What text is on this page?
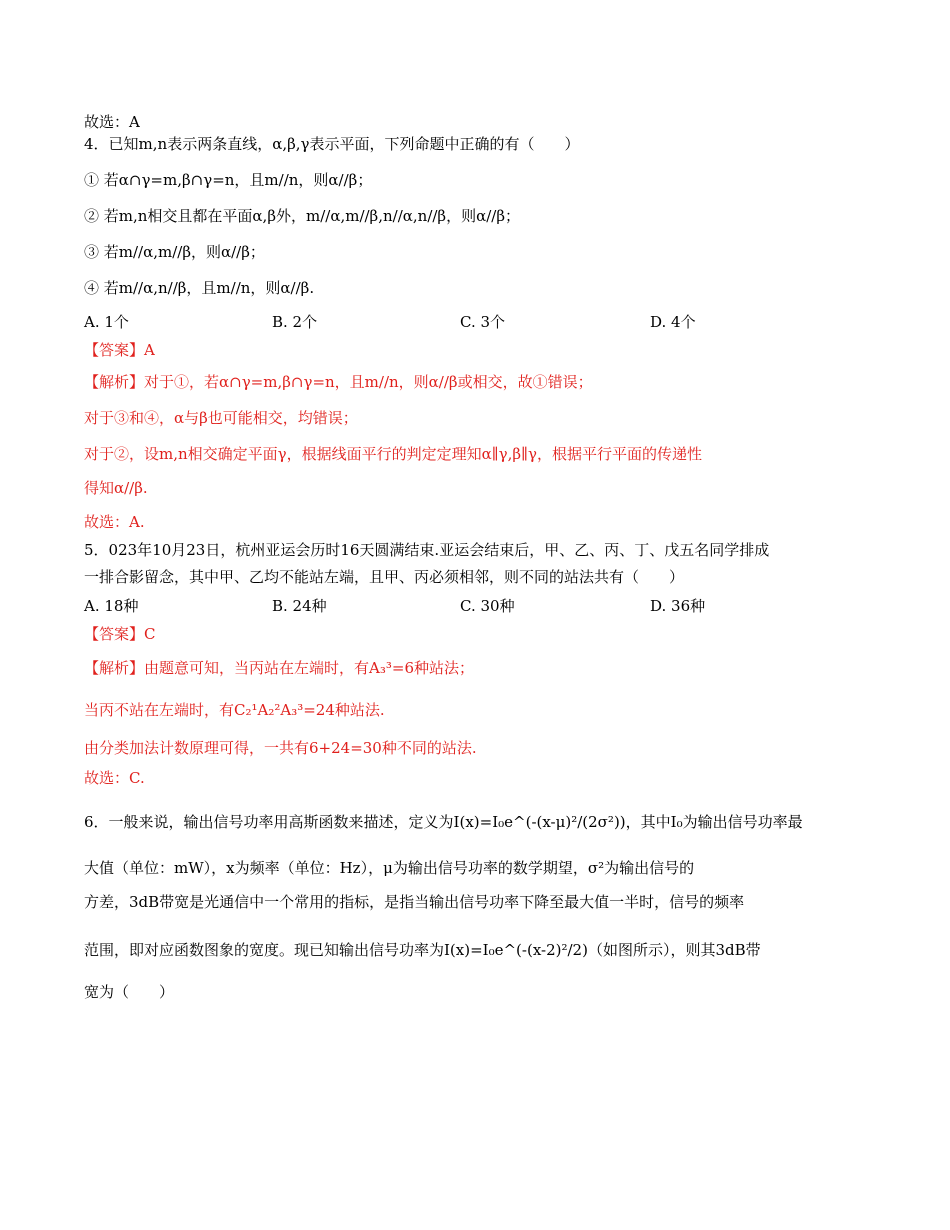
故选：A
4．已知m,n表示两条直线，α,β,γ表示平面，下列命题中正确的有（　　）
① 若α∩γ=m,β∩γ=n，且m//n，则α//β；
② 若m,n相交且都在平面α,β外，m//α,m//β,n//α,n//β，则α//β；
③ 若m//α,m//β，则α//β；
④ 若m//α,n//β，且m//n，则α//β.
A. 1个	B. 2个	C. 3个	D. 4个
【答案】A
【解析】对于①，若α∩γ=m,β∩γ=n，且m//n，则α//β或相交，故①错误；
对于③和④，α与β也可能相交，均错误；
对于②，设m,n相交确定平面γ，根据线面平行的判定定理知α∥γ,β∥γ，根据平行平面的传递性
得知α//β.
故选：A.
5．023年10月23日，杭州亚运会历时16天圆满结束.亚运会结束后，甲、乙、丙、丁、戊五名同学排成
一排合影留念，其中甲、乙均不能站左端，且甲、丙必须相邻，则不同的站法共有（　　）
A. 18种	B. 24种	C. 30种	D. 36种
【答案】C
【解析】由题意可知，当丙站在左端时，有A₃³=6种站法；
当丙不站在左端时，有C₂¹A₂²A₃³=24种站法.
由分类加法计数原理可得，一共有6+24=30种不同的站法.
故选：C.
6．一般来说，输出信号功率用高斯函数来描述，定义为I(x)=I₀e^(-(x-μ)²/(2σ²))，其中I₀为输出信号功率最
大值（单位：mW），x为频率（单位：Hz），μ为输出信号功率的数学期望，σ²为输出信号的
方差，3dB带宽是光通信中一个常用的指标，是指当输出信号功率下降至最大值一半时，信号的频率
范围，即对应函数图象的宽度。现已知输出信号功率为I(x)=I₀e^(-(x-2)²/2)（如图所示），则其3dB带
宽为（　　）
